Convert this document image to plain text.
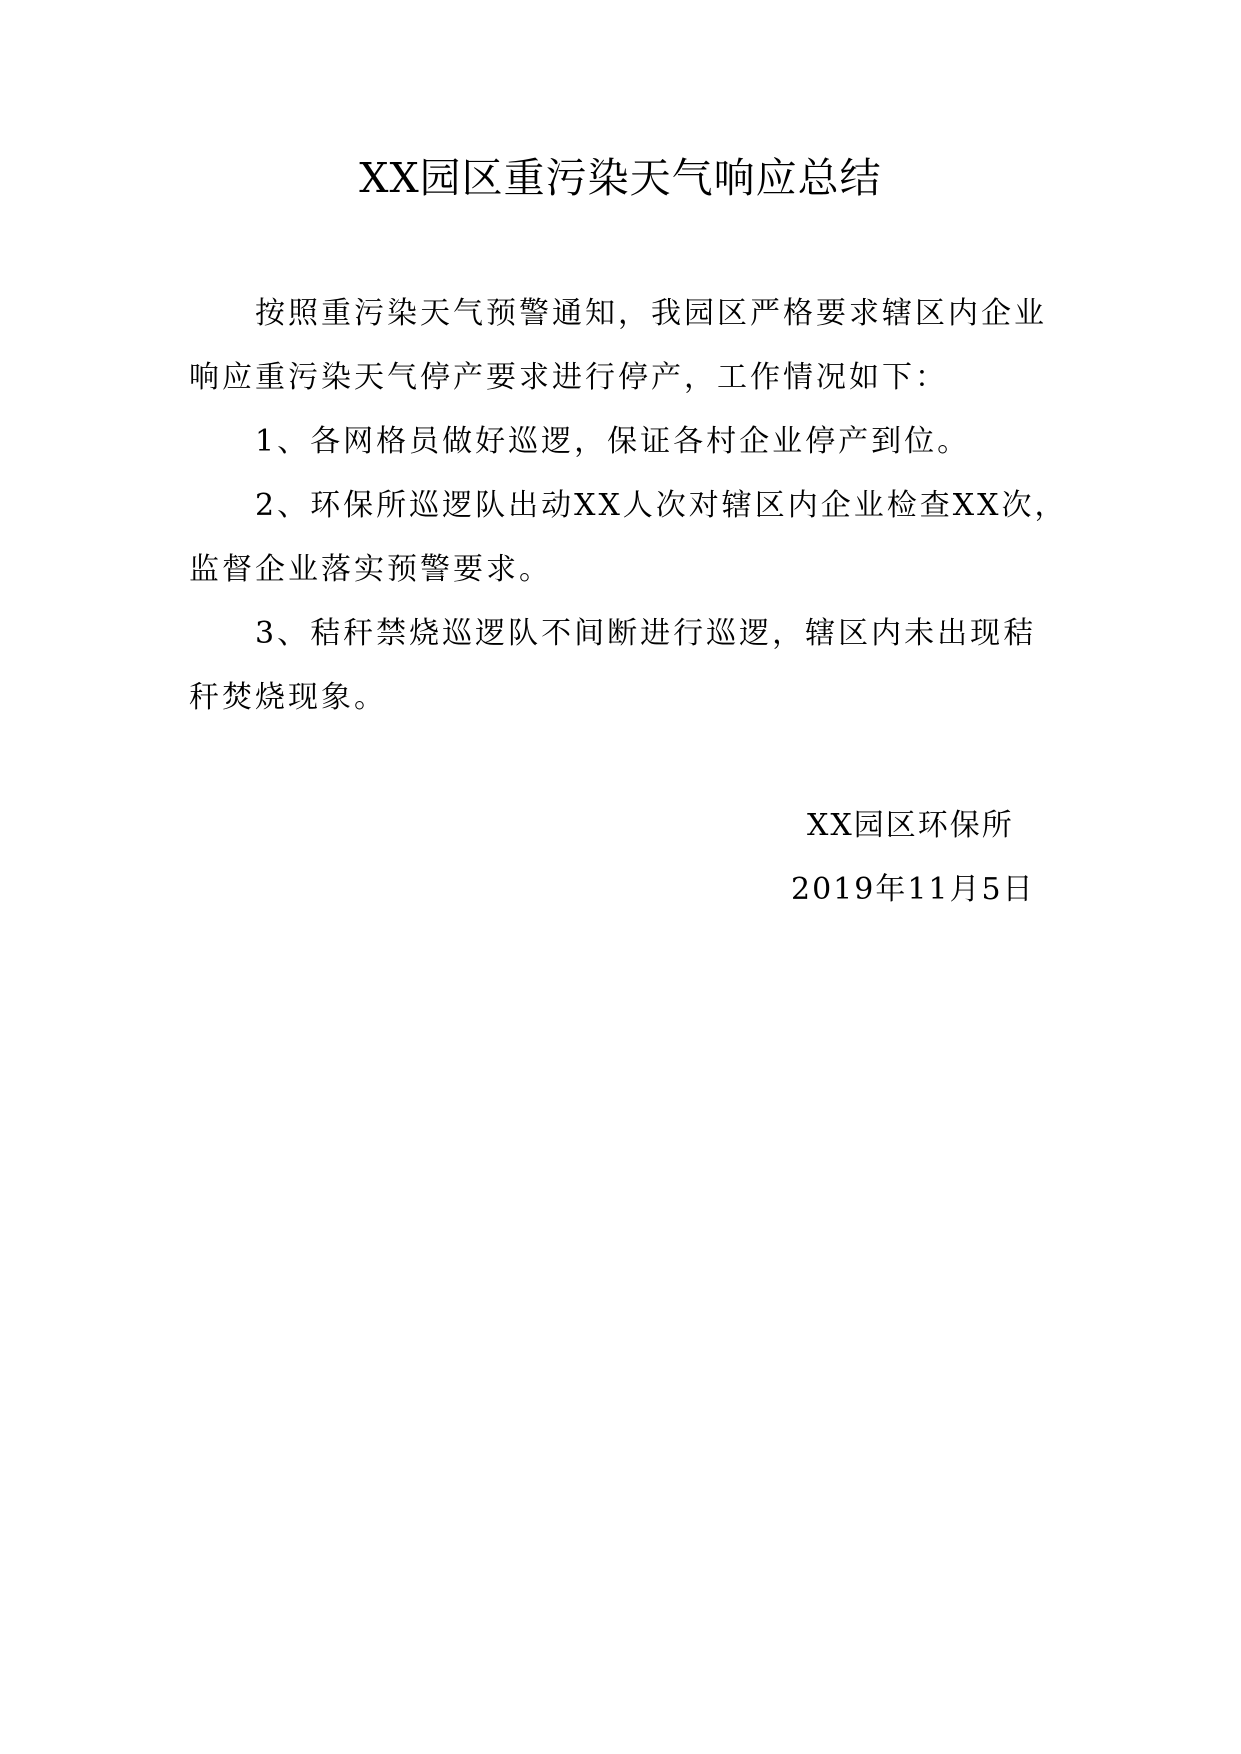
XX园区重污染天气响应总结
按照重污染天气预警通知，我园区严格要求辖区内企业
响应重污染天气停产要求进行停产，工作情况如下：
1、各网格员做好巡逻，保证各村企业停产到位。
2、环保所巡逻队出动XX人次对辖区内企业检查XX次，
监督企业落实预警要求。
3、秸秆禁烧巡逻队不间断进行巡逻，辖区内未出现秸
秆焚烧现象。
XX园区环保所
2019年11月5日
